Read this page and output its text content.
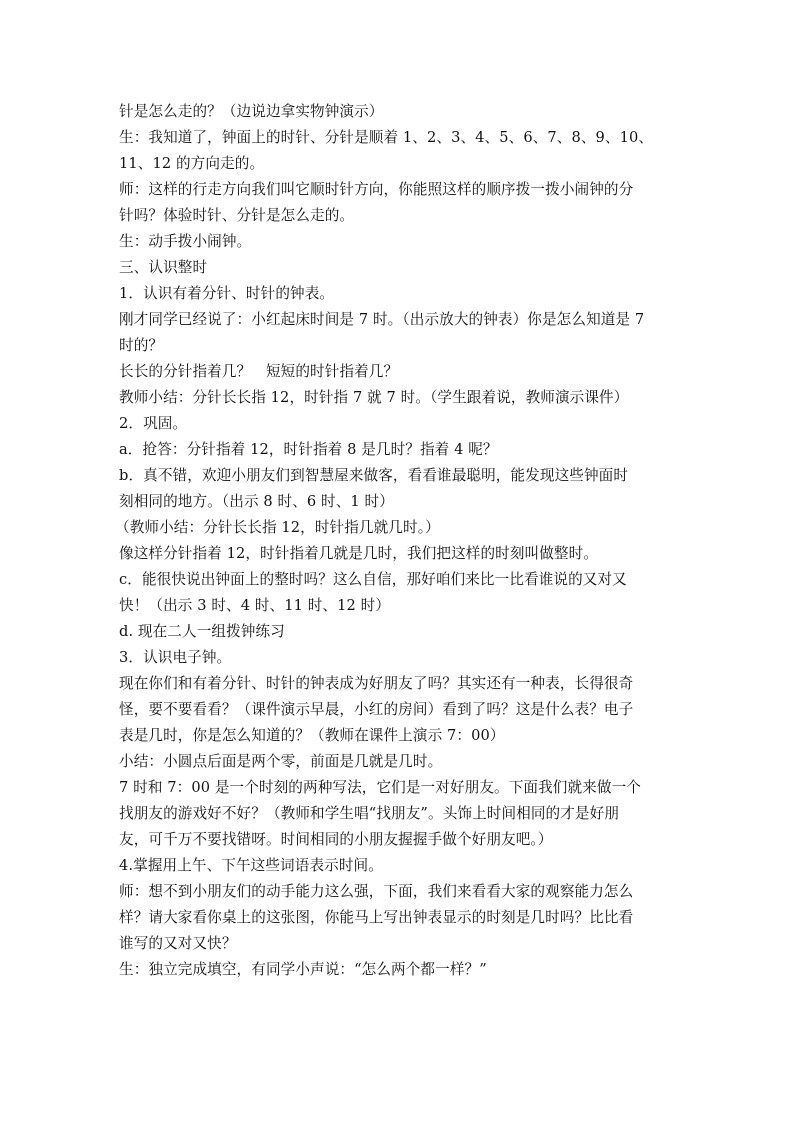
针是怎么走的？（边说边拿实物钟演示）
生：我知道了，钟面上的时针、分针是顺着 1、2、3、4、5、6、7、8、9、10、
11、12 的方向走的。
师：这样的行走方向我们叫它顺时针方向，你能照这样的顺序拨一拨小闹钟的分
针吗？体验时针、分针是怎么走的。
生：动手拨小闹钟。
三、认识整时
1．认识有着分针、时针的钟表。
刚才同学已经说了：小红起床时间是 7 时。（出示放大的钟表）你是怎么知道是 7
时的？
长长的分针指着几？　短短的时针指着几？
教师小结：分针长长指 12，时针指 7 就 7 时。（学生跟着说，教师演示课件）
2．巩固。
a．抢答：分针指着 12，时针指着 8 是几时？指着 4 呢？
b．真不错，欢迎小朋友们到智慧屋来做客，看看谁最聪明，能发现这些钟面时
刻相同的地方。（出示 8 时、6 时、1 时）
（教师小结：分针长长指 12，时针指几就几时。）
像这样分针指着 12，时针指着几就是几时，我们把这样的时刻叫做整时。
c．能很快说出钟面上的整时吗？这么自信，那好咱们来比一比看谁说的又对又
快！（出示 3 时、4 时、11 时、12 时）
d. 现在二人一组拨钟练习
3．认识电子钟。
现在你们和有着分针、时针的钟表成为好朋友了吗？其实还有一种表，长得很奇
怪，要不要看看？（课件演示早晨，小红的房间）看到了吗？这是什么表？电子
表是几时，你是怎么知道的？（教师在课件上演示 7：00）
小结：小圆点后面是两个零，前面是几就是几时。
7 时和 7：00 是一个时刻的两种写法，它们是一对好朋友。下面我们就来做一个
找朋友的游戏好不好？（教师和学生唱“找朋友”。头饰上时间相同的才是好朋
友，可千万不要找错呀。时间相同的小朋友握握手做个好朋友吧。）
4.掌握用上午、下午这些词语表示时间。
师：想不到小朋友们的动手能力这么强，下面，我们来看看大家的观察能力怎么
样？请大家看你桌上的这张图，你能马上写出钟表显示的时刻是几时吗？比比看
谁写的又对又快？
生：独立完成填空，有同学小声说：“怎么两个都一样？”
